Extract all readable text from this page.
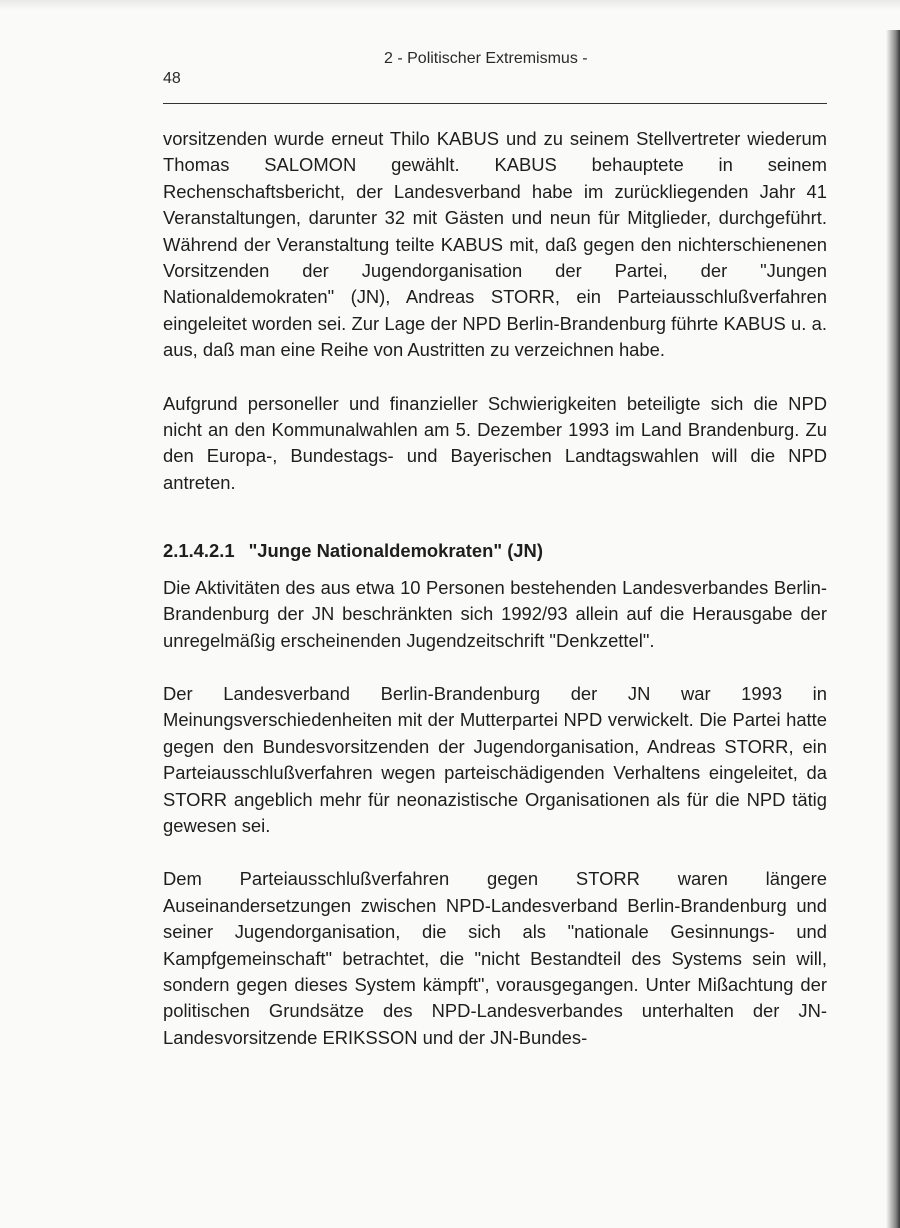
2 - Politischer Extremismus -
48

vorsitzenden wurde erneut Thilo KABUS und zu seinem Stellvertreter wiederum Thomas SALOMON gewählt. KABUS behauptete in seinem Rechenschaftsbericht, der Landesverband habe im zurückliegenden Jahr 41 Veranstaltungen, darunter 32 mit Gästen und neun für Mitglieder, durchgeführt. Während der Veranstaltung teilte KABUS mit, daß gegen den nichterschienenen Vorsitzenden der Jugendorganisation der Partei, der "Jungen Nationaldemokraten" (JN), Andreas STORR, ein Parteiausschlußverfahren eingeleitet worden sei. Zur Lage der NPD Berlin-Brandenburg führte KABUS u. a. aus, daß man eine Reihe von Austritten zu verzeichnen habe.

Aufgrund personeller und finanzieller Schwierigkeiten beteiligte sich die NPD nicht an den Kommunalwahlen am 5. Dezember 1993 im Land Brandenburg. Zu den Europa-, Bundestags- und Bayerischen Landtagswahlen will die NPD antreten.

2.1.4.2.1 "Junge Nationaldemokraten" (JN)

Die Aktivitäten des aus etwa 10 Personen bestehenden Landesverbandes Berlin-Brandenburg der JN beschränkten sich 1992/93 allein auf die Herausgabe der unregelmäßig erscheinenden Jugendzeitschrift "Denkzettel".

Der Landesverband Berlin-Brandenburg der JN war 1993 in Meinungsverschiedenheiten mit der Mutterpartei NPD verwickelt. Die Partei hatte gegen den Bundesvorsitzenden der Jugendorganisation, Andreas STORR, ein Parteiausschlußverfahren wegen parteischädigenden Verhaltens eingeleitet, da STORR angeblich mehr für neonazistische Organisationen als für die NPD tätig gewesen sei.

Dem Parteiausschlußverfahren gegen STORR waren längere Auseinandersetzungen zwischen NPD-Landesverband Berlin-Brandenburg und seiner Jugendorganisation, die sich als "nationale Gesinnungs- und Kampfgemeinschaft" betrachtet, die "nicht Bestandteil des Systems sein will, sondern gegen dieses System kämpft", vorausgegangen. Unter Mißachtung der politischen Grundsätze des NPD-Landesverbandes unterhalten der JN-Landesvorsitzende ERIKSSON und der JN-Bundes-
